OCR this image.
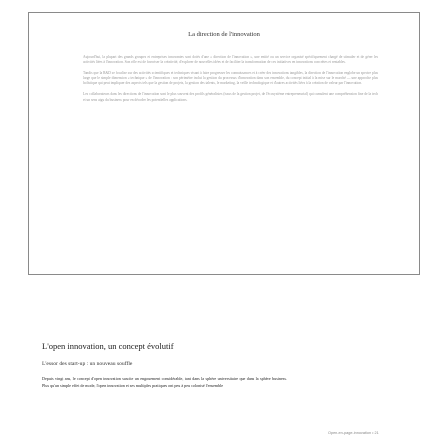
La direction de l'innovation

Aujourd'hui, la plupart des grands groupes et entreprises innovantes sont dotés d'une « direction de l'innovation », une entité ou un service organisé spécifiquement chargé de stimuler et de gérer les activités liées à l'innovation. Son rôle est de favoriser la créativité, d'explorer de nouvelles idées et de faciliter la transformation de ces initiatives en innovations concrètes et rentables.

Tandis que la R&D se focalise sur des activités scientifiques et techniques visant à faire progresser les connaissances et à créer des innovations tangibles, la direction de l'innovation englobe un spectre plus large que le simple dimension « technique » de l'innovation : son périmètre inclut la gestion du processus d'innovation dans son ensemble, du concept initial à la mise sur le marché — une approche plus holistique qui peut impliquer des aspects tels que la gestion de projets, la gestion des talents, le marketing, la veille technologique et d'autres activités liées à la création de valeur par l'innovation.

Les collaborateurs dans les directions de l'innovation sont le plus souvent des profils généralistes (issus de la gestion projet, de l'écosystème entrepreneurial) qui cumulent une compréhension fine de la tech et un sens aigu du business pour en décoder les potentielles applications.

L'open innovation, un concept évolutif
L'essor des start-up : un nouveau souffle

Depuis vingt ans, le concept d'open innovation suscite un engouement considérable, tant dans la sphère universitaire que dans la sphère business. Plus qu'un simple effet de mode, l'open innovation et ses multiples pratiques ont peu à peu colonisé l'ensemble

Open-en-page-innovation • 21
